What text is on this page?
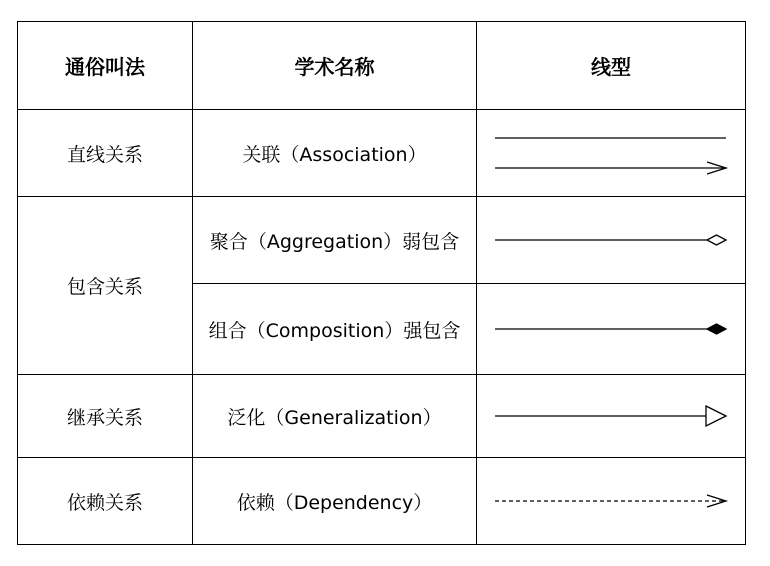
通俗叫法	学术名称	线型
直线关系	关联（Association）	

包含关系	聚合（Aggregation）弱包含	

	组合（Composition）强包含	

继承关系	泛化（Generalization）	

依赖关系	依赖（Dependency）	
